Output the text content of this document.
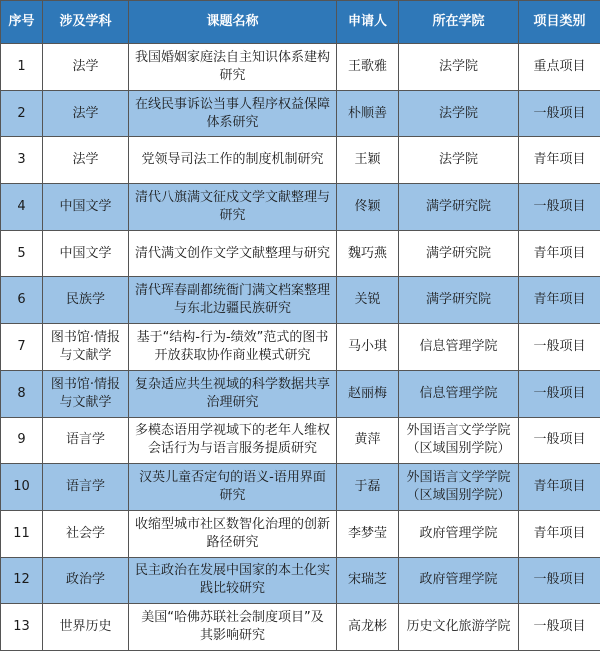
序号	涉及学科	课题名称	申请人	所在学院	项目类别
1	法学	我国婚姻家庭法自主知识体系建构研究	王歌雅	法学院	重点项目
2	法学	在线民事诉讼当事人程序权益保障体系研究	朴顺善	法学院	一般项目
3	法学	党领导司法工作的制度机制研究	王颖	法学院	青年项目
4	中国文学	清代八旗满文征戍文学文献整理与研究	佟颖	满学研究院	一般项目
5	中国文学	清代满文创作文学文献整理与研究	魏巧燕	满学研究院	青年项目
6	民族学	清代珲春副都统衙门满文档案整理与东北边疆民族研究	关锐	满学研究院	青年项目
7	图书馆·情报与文献学	基于“结构-行为-绩效”范式的图书开放获取协作商业模式研究	马小琪	信息管理学院	一般项目
8	图书馆·情报与文献学	复杂适应共生视域的科学数据共享治理研究	赵丽梅	信息管理学院	一般项目
9	语言学	多模态语用学视域下的老年人维权会话行为与语言服务提质研究	黄萍	外国语言文学学院（区域国别学院）	一般项目
10	语言学	汉英儿童否定句的语义-语用界面研究	于磊	外国语言文学学院（区域国别学院）	青年项目
11	社会学	收缩型城市社区数智化治理的创新路径研究	李梦莹	政府管理学院	青年项目
12	政治学	民主政治在发展中国家的本土化实践比较研究	宋瑞芝	政府管理学院	一般项目
13	世界历史	美国“哈佛苏联社会制度项目”及其影响研究	高龙彬	历史文化旅游学院	一般项目
